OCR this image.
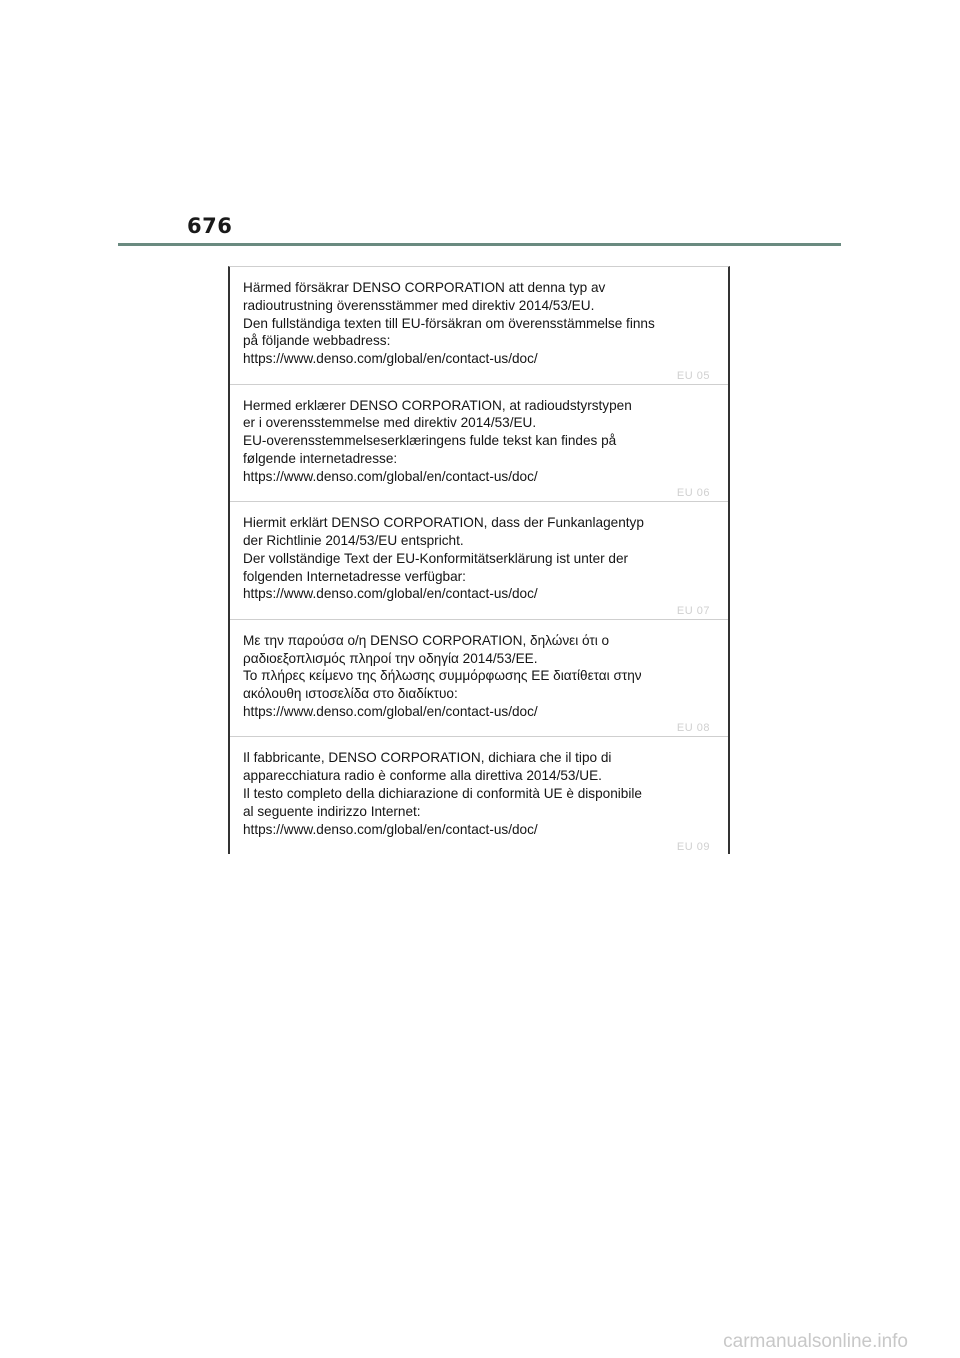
676
Härmed försäkrar DENSO CORPORATION att denna typ av
radioutrustning överensstämmer med direktiv 2014/53/EU.
Den fullständiga texten till EU-försäkran om överensstämmelse finns
på följande webbadress:
https://www.denso.com/global/en/contact-us/doc/
EU 05
Hermed erklærer DENSO CORPORATION, at radioudstyrstypen
er i overensstemmelse med direktiv 2014/53/EU.
EU-overensstemmelseserklæringens fulde tekst kan findes på
følgende internetadresse:
https://www.denso.com/global/en/contact-us/doc/
EU 06
Hiermit erklärt DENSO CORPORATION, dass der Funkanlagentyp
der Richtlinie 2014/53/EU entspricht.
Der vollständige Text der EU-Konformitätserklärung ist unter der
folgenden Internetadresse verfügbar:
https://www.denso.com/global/en/contact-us/doc/
EU 07
Με την παρούσα ο/η DENSO CORPORATION, δηλώνει ότι ο
ραδιοεξοπλισμός πληροί την οδηγία 2014/53/ΕΕ.
Το πλήρες κείμενο της δήλωσης συμμόρφωσης ΕΕ διατίθεται στην
ακόλουθη ιστοσελίδα στο διαδίκτυο:
https://www.denso.com/global/en/contact-us/doc/
EU 08
Il fabbricante, DENSO CORPORATION, dichiara che il tipo di
apparecchiatura radio è conforme alla direttiva 2014/53/UE.
Il testo completo della dichiarazione di conformità UE è disponibile
al seguente indirizzo Internet:
https://www.denso.com/global/en/contact-us/doc/
EU 09
carmanualsonline.info
